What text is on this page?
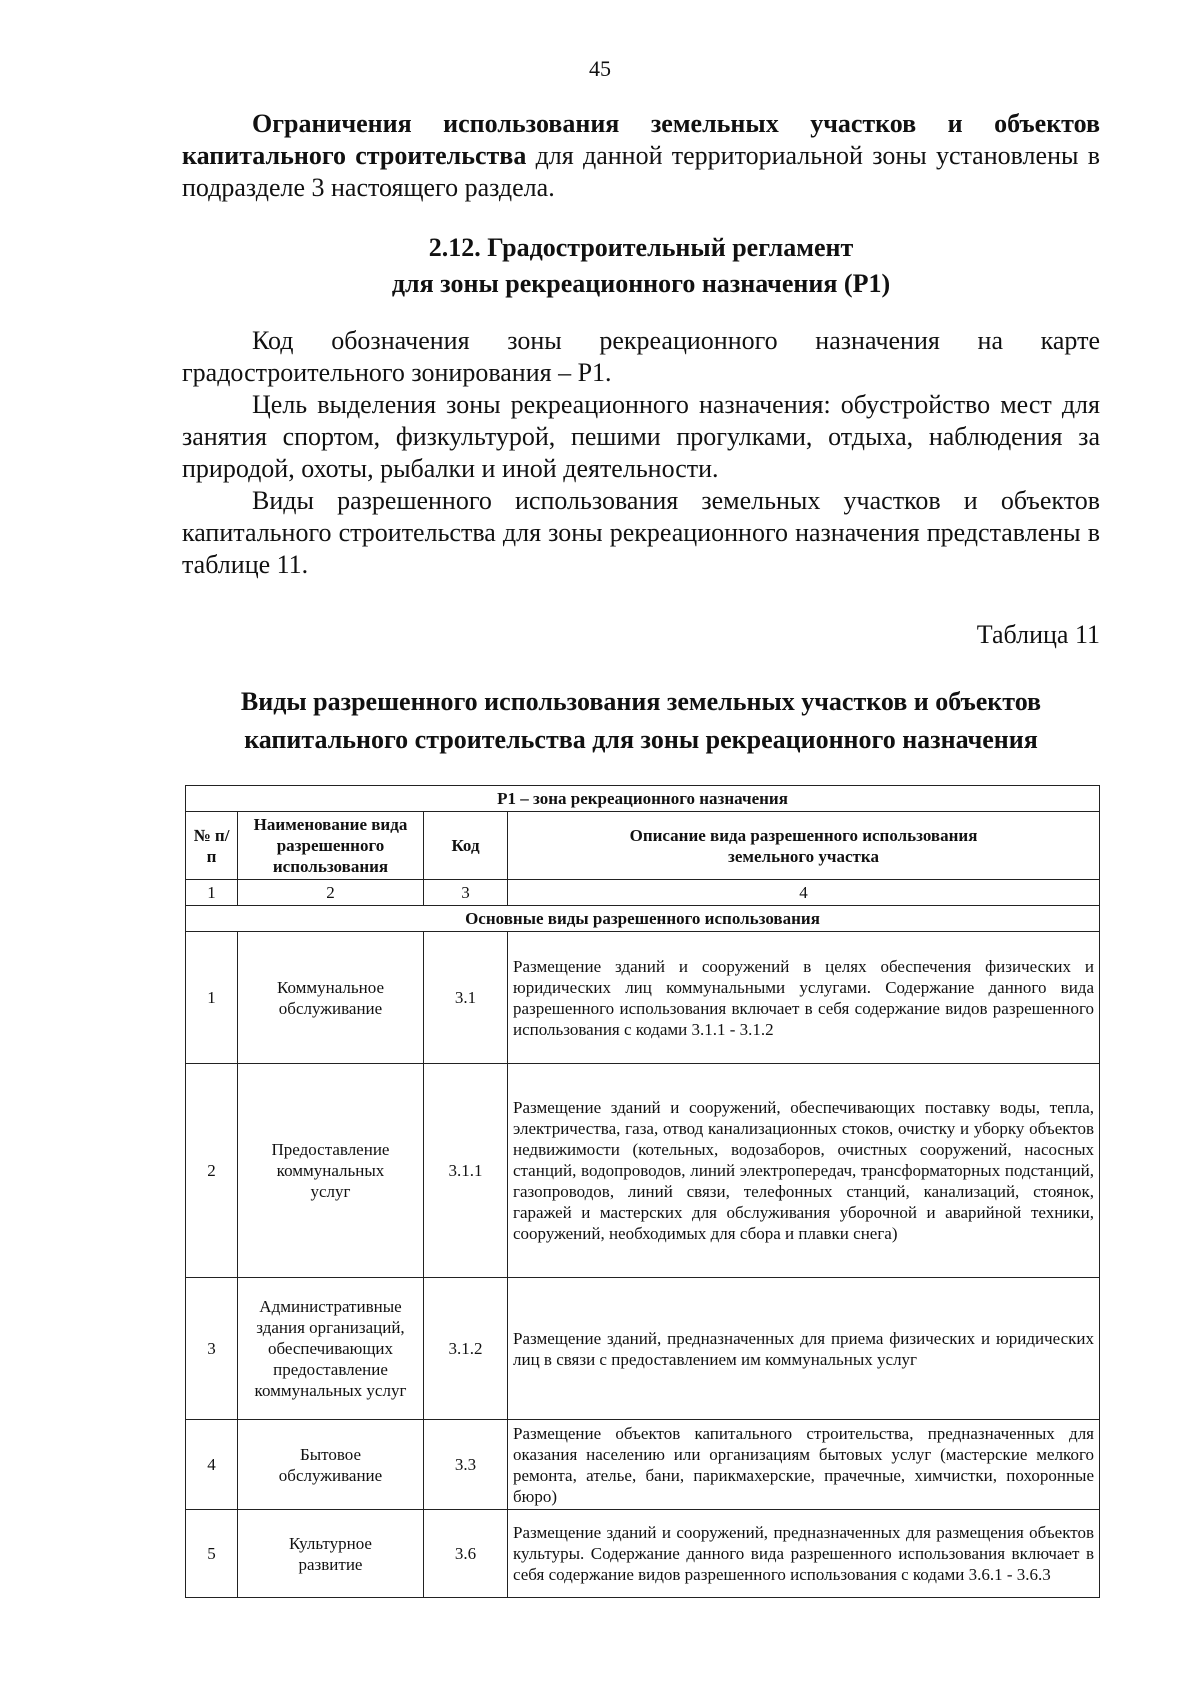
45

Ограничения использования земельных участков и объектов капитального строительства для данной территориальной зоны установлены в подразделе 3 настоящего раздела.

2.12. Градостроительный регламент
для зоны рекреационного назначения (Р1)

Код обозначения зоны рекреационного назначения на карте градостроительного зонирования – Р1.

Цель выделения зоны рекреационного назначения: обустройство мест для занятия спортом, физкультурой, пешими прогулками, отдыха, наблюдения за природой, охоты, рыбалки и иной деятельности.

Виды разрешенного использования земельных участков и объектов капитального строительства для зоны рекреационного назначения представлены в таблице 11.

Таблица 11
Виды разрешенного использования земельных участков и объектов
капитального строительства для зоны рекреационного назначения
Р1 – зона рекреационного назначения			
№ п/п	Наименование вида разрешенного использования	Код	Описание вида разрешенного использования земельного участка
1	2	3	4
Основные виды разрешенного использования			
1	Коммунальное обслуживание	3.1	Размещение зданий и сооружений в целях обеспечения физических и юридических лиц коммунальными услугами. Содержание данного вида разрешенного использования включает в себя содержание видов разрешенного использования с кодами 3.1.1 - 3.1.2
2	Предоставление коммунальных услуг	3.1.1	Размещение зданий и сооружений, обеспечивающих поставку воды, тепла, электричества, газа, отвод канализационных стоков, очистку и уборку объектов недвижимости (котельных, водозаборов, очистных сооружений, насосных станций, водопроводов, линий электропередач, трансформаторных подстанций, газопроводов, линий связи, телефонных станций, канализаций, стоянок, гаражей и мастерских для обслуживания уборочной и аварийной техники, сооружений, необходимых для сбора и плавки снега)
3	Административные здания организаций, обеспечивающих предоставление коммунальных услуг	3.1.2	Размещение зданий, предназначенных для приема физических и юридических лиц в связи с предоставлением им коммунальных услуг
4	Бытовое обслуживание	3.3	Размещение объектов капитального строительства, предназначенных для оказания населению или организациям бытовых услуг (мастерские мелкого ремонта, ателье, бани, парикмахерские, прачечные, химчистки, похоронные бюро)
5	Культурное развитие	3.6	Размещение зданий и сооружений, предназначенных для размещения объектов культуры. Содержание данного вида разрешенного использования включает в себя содержание видов разрешенного использования с кодами 3.6.1 - 3.6.3
